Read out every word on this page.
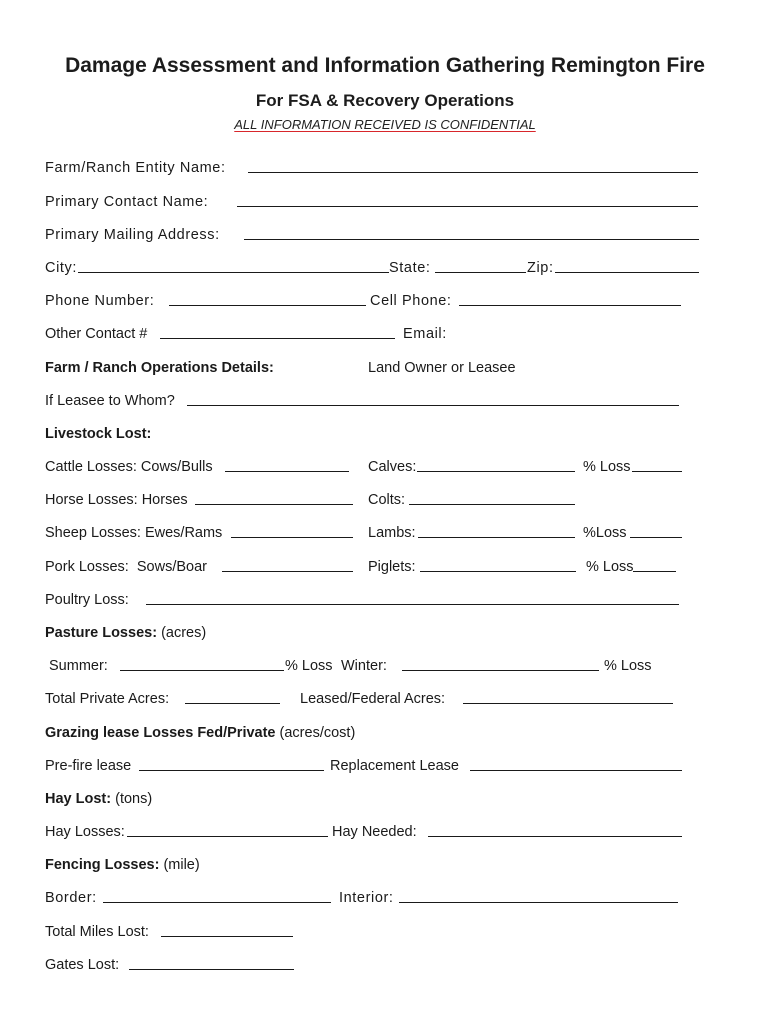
Damage Assessment and Information Gathering Remington Fire
For FSA & Recovery Operations
ALL INFORMATION RECEIVED IS CONFIDENTIAL
Farm/Ranch Entity Name:
Primary Contact Name:
Primary Mailing Address:
City:	State:	Zip:
Phone Number:	Cell Phone:
Other Contact #	Email:
Farm / Ranch Operations Details:	Land Owner or Leasee
If Leasee to Whom?
Livestock Lost:
Cattle Losses: Cows/Bulls	Calves:	% Loss
Horse Losses: Horses	Colts:
Sheep Losses: Ewes/Rams	Lambs:	%Loss
Pork Losses:  Sows/Boar	Piglets:	% Loss
Poultry Loss:
Pasture Losses: (acres)
Summer:	% Loss Winter:	% Loss
Total Private Acres:	Leased/Federal Acres:
Grazing lease Losses Fed/Private (acres/cost)
Pre-fire lease	Replacement Lease
Hay Lost: (tons)
Hay Losses:	Hay Needed:
Fencing Losses: (mile)
Border:	Interior:
Total Miles Lost:
Gates Lost:
